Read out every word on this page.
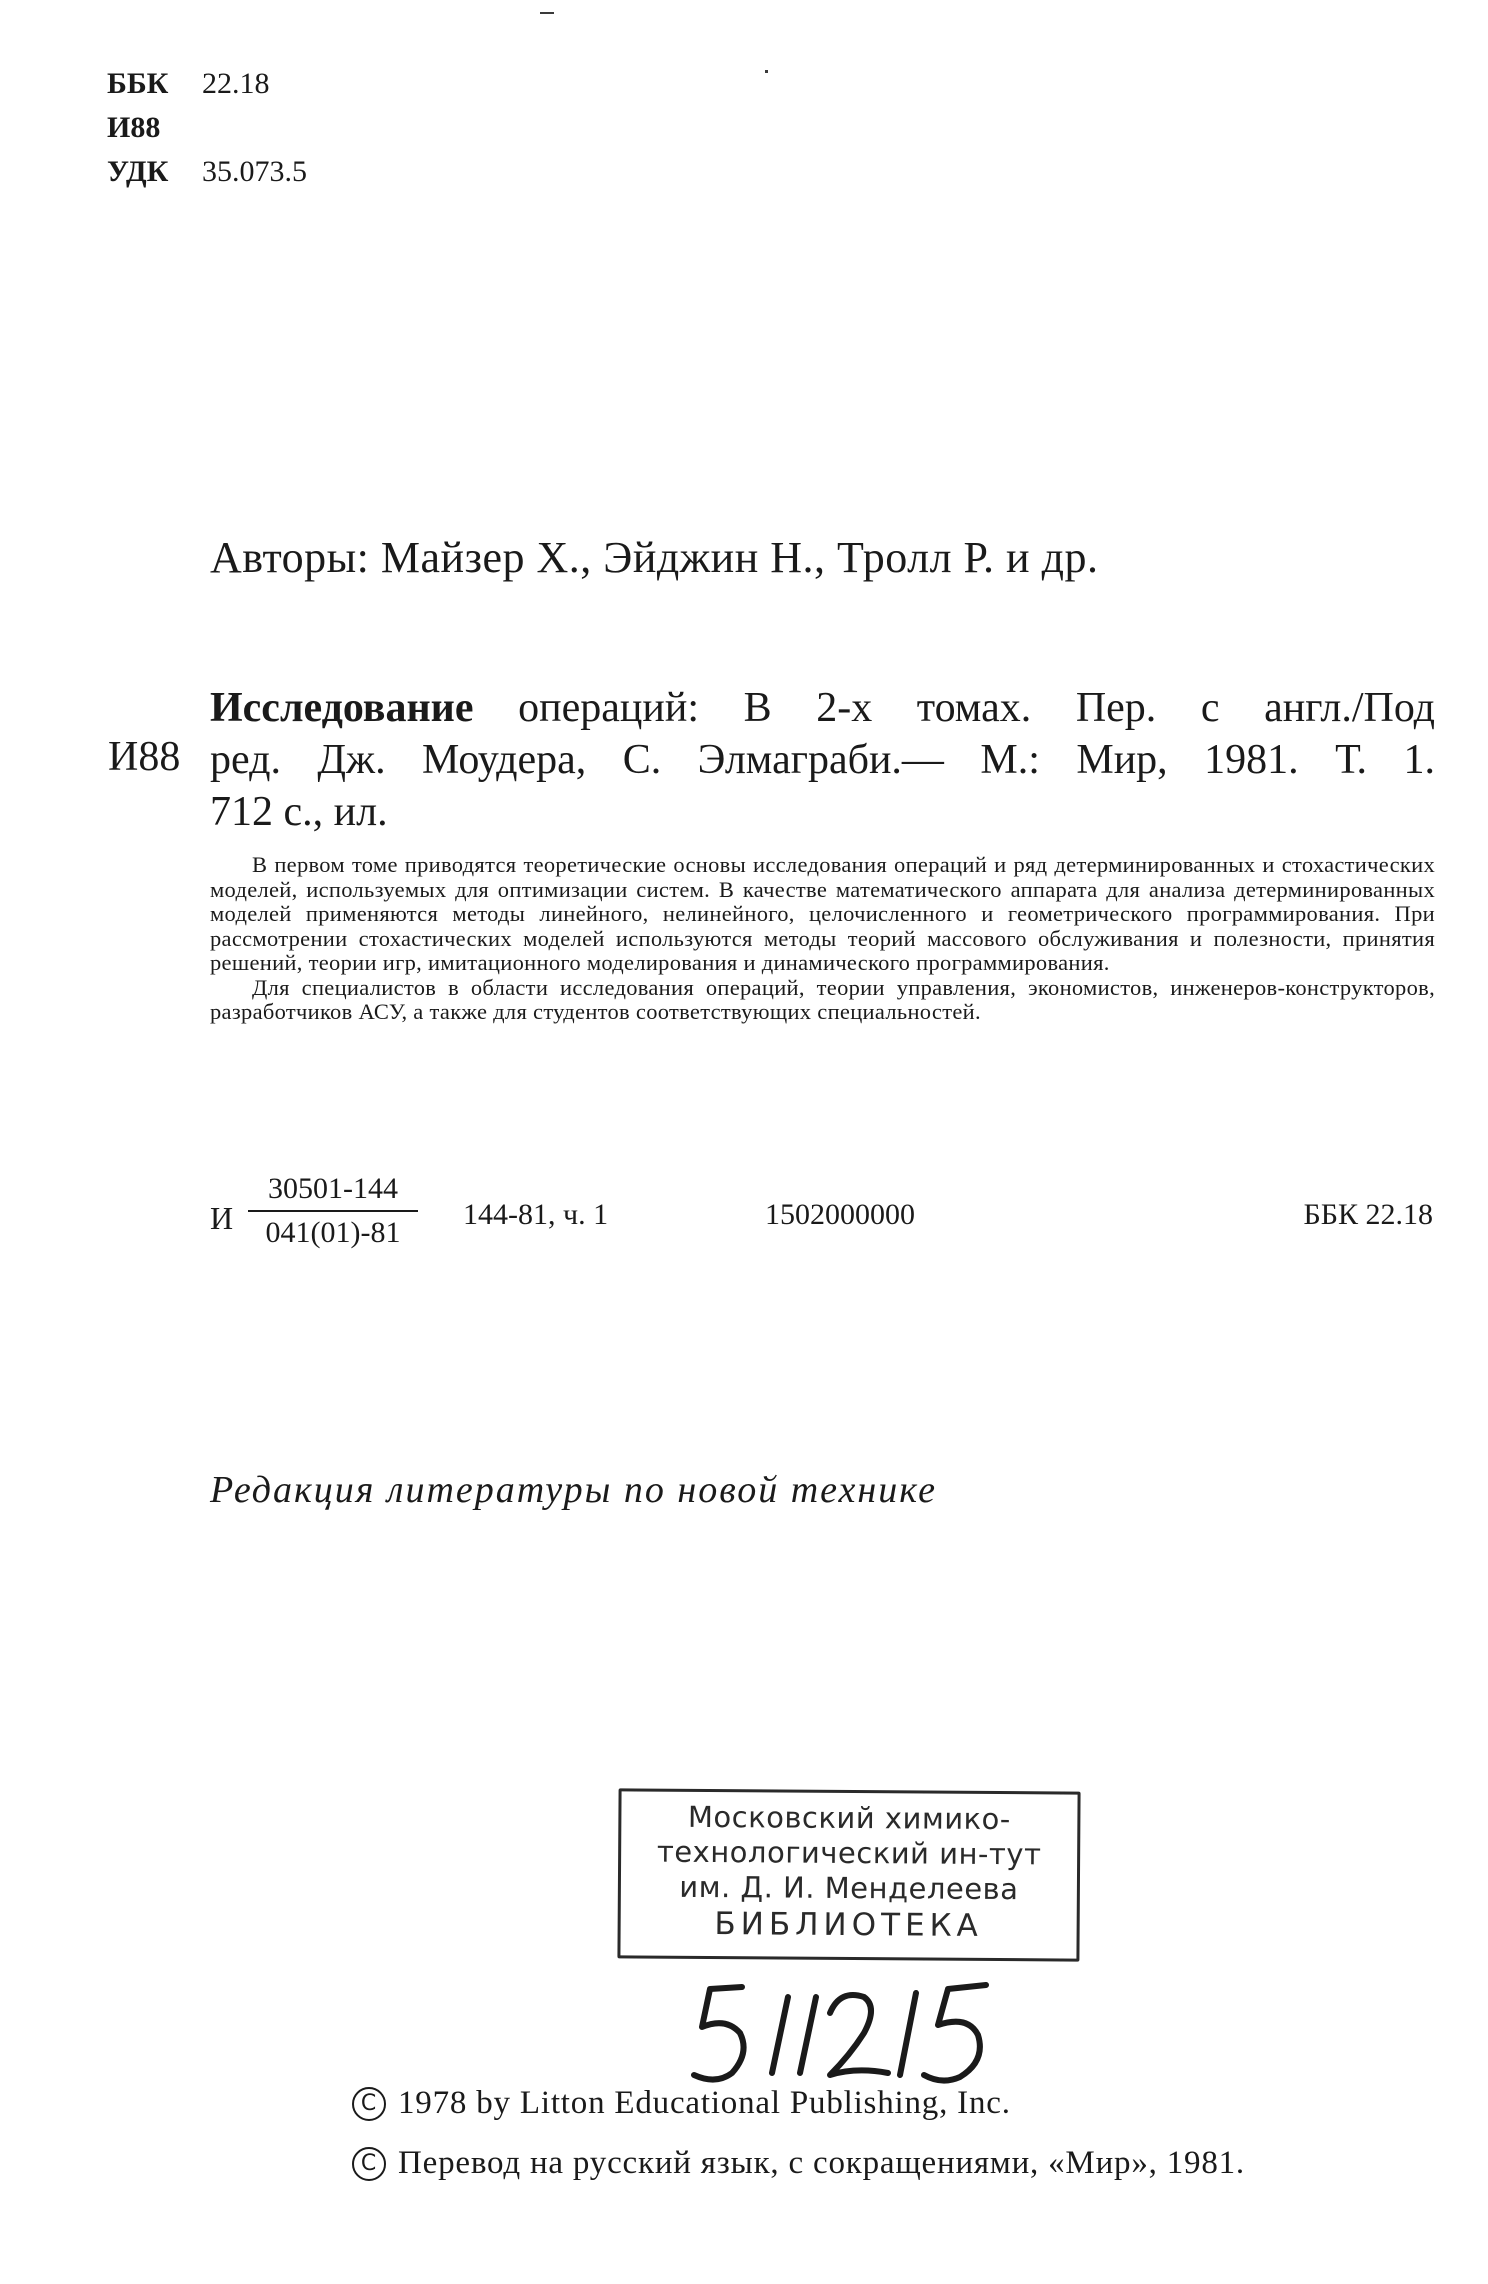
ББК 22.18
И88
УДК 35.073.5
Авторы: Майзер Х., Эйджин Н., Тролл Р. и др.
И88
Исследование операций: В 2-х томах. Пер. с англ./Под
ред. Дж. Моудера, С. Элмаграби.— М.: Мир, 1981. Т. 1.
712 с., ил.

В первом томе приводятся теоретические основы исследования операций и ряд детерминированных и стохастических моделей, используемых для оптимизации систем. В качестве математического аппарата для анализа детерминированных моделей применяются методы линейного, нелинейного, целочисленного и геометрического программирования. При рассмотрении стохастических моделей используются методы теорий массового обслуживания и полезности, принятия решений, теории игр, имитационного моделирования и динамического программирования.

Для специалистов в области исследования операций, теории управления, экономистов, инженеров-конструкторов, разработчиков АСУ, а также для студентов соответствующих специальностей.

И $\frac{30501-144}{041(01)-81} 144-81$, ч. 1	1502000000	ББК 22.18
Редакция литературы по новой технике
Московский химико-
технологический ин-тут
им. Д. И. Менделеева
БИБЛИОТЕКА
C 1978 by Litton Educational Publishing, Inc.
C Перевод на русский язык, с сокращениями, «Мир», 1981.
